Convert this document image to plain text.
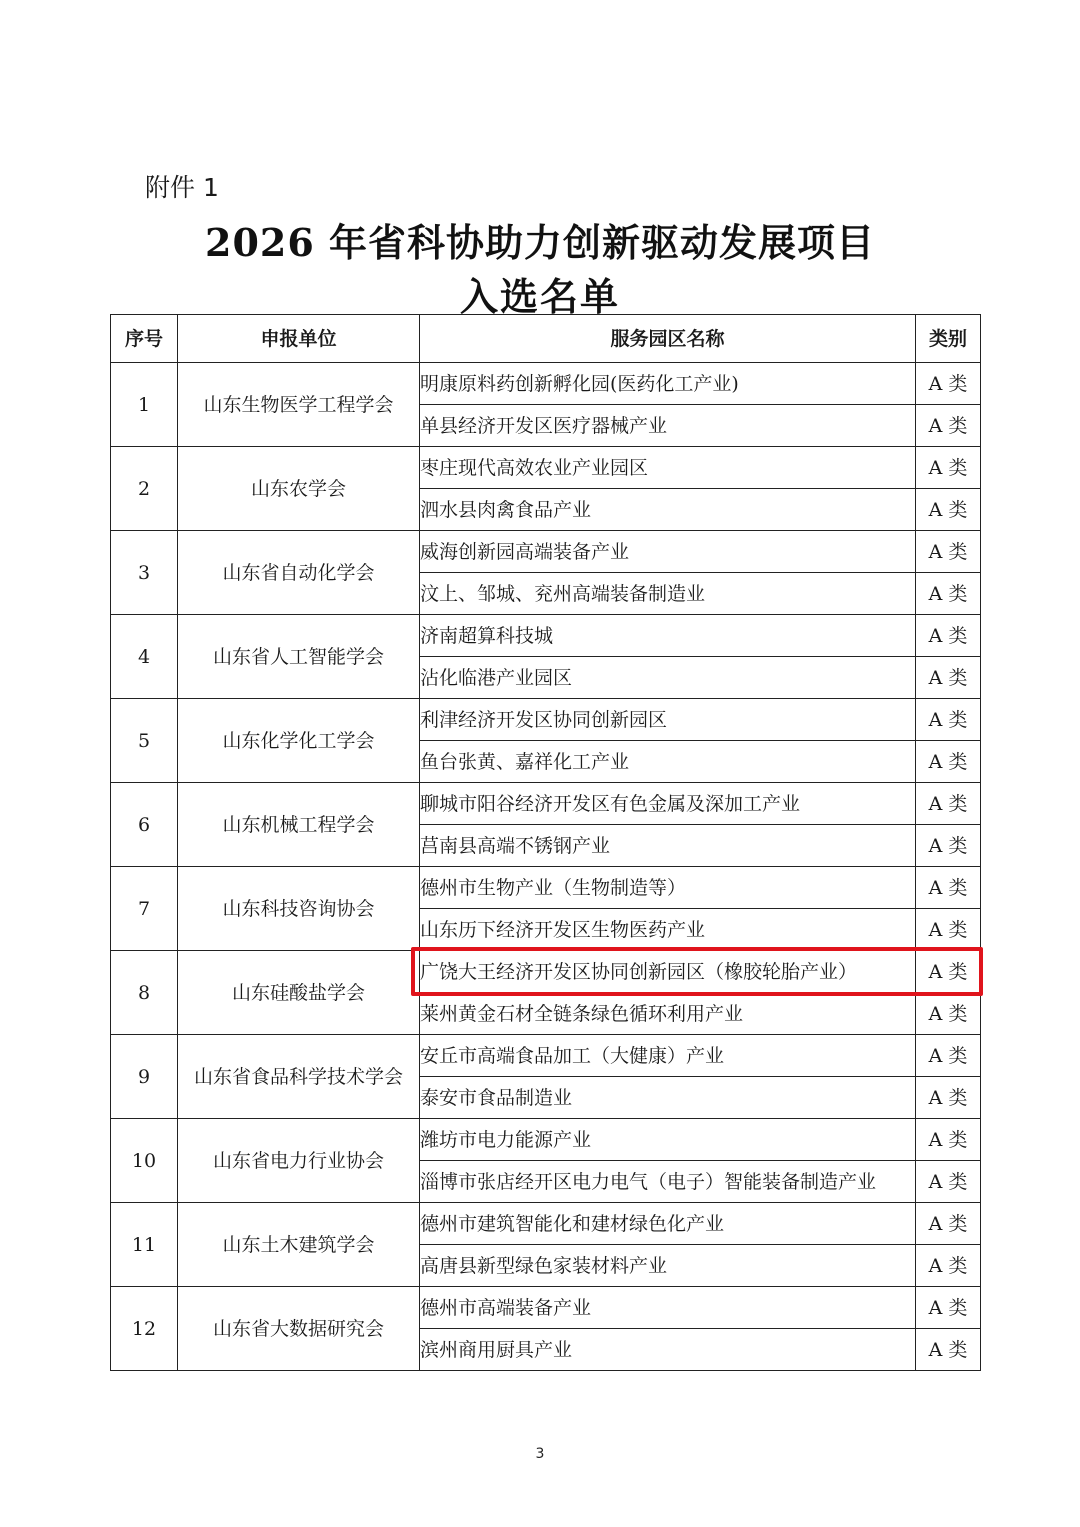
附件 1
2026 年省科协助力创新驱动发展项目
入选名单
序号	申报单位	服务园区名称	类别
1	山东生物医学工程学会	明康原料药创新孵化园(医药化工产业)	A 类
		单县经济开发区医疗器械产业	A 类
2	山东农学会	枣庄现代高效农业产业园区	A 类
		泗水县肉禽食品产业	A 类
3	山东省自动化学会	威海创新园高端装备产业	A 类
		汶上、邹城、兖州高端装备制造业	A 类
4	山东省人工智能学会	济南超算科技城	A 类
		沾化临港产业园区	A 类
5	山东化学化工学会	利津经济开发区协同创新园区	A 类
		鱼台张黄、嘉祥化工产业	A 类
6	山东机械工程学会	聊城市阳谷经济开发区有色金属及深加工产业	A 类
		莒南县高端不锈钢产业	A 类
7	山东科技咨询协会	德州市生物产业（生物制造等）	A 类
		山东历下经济开发区生物医药产业	A 类
8	山东硅酸盐学会	广饶大王经济开发区协同创新园区（橡胶轮胎产业）	A 类
		莱州黄金石材全链条绿色循环利用产业	A 类
9	山东省食品科学技术学会	安丘市高端食品加工（大健康）产业	A 类
		泰安市食品制造业	A 类
10	山东省电力行业协会	潍坊市电力能源产业	A 类
		淄博市张店经开区电力电气（电子）智能装备制造产业	A 类
11	山东土木建筑学会	德州市建筑智能化和建材绿色化产业	A 类
		高唐县新型绿色家装材料产业	A 类
12	山东省大数据研究会	德州市高端装备产业	A 类
		滨州商用厨具产业	A 类
3
